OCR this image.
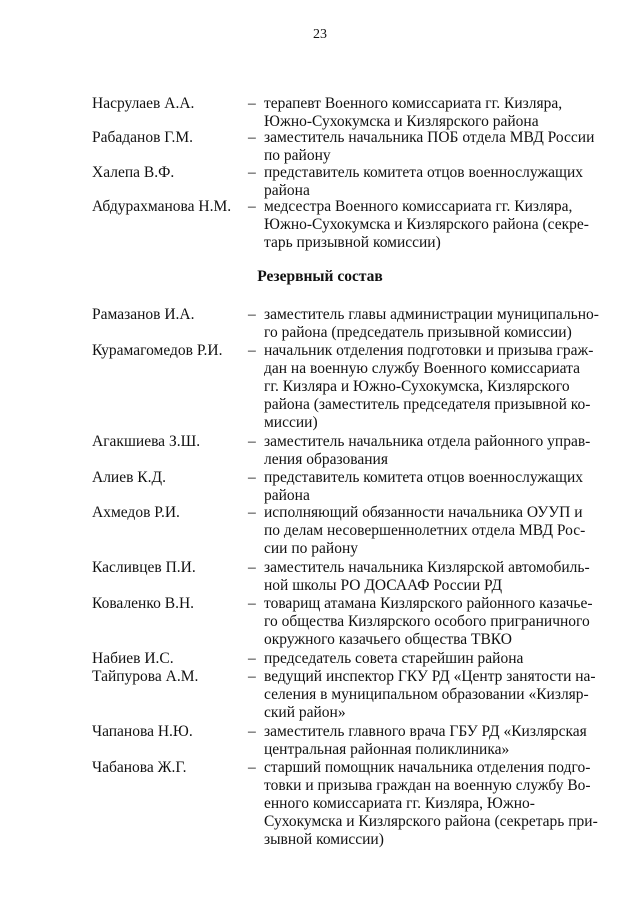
23
Насрулаев А.А.	– терапевт Военного комиссариата гг. Кизляра,
Южно-Сухокумска и Кизлярского района
Рабаданов Г.М.	– заместитель начальника ПОБ отдела МВД России
по району
Халепа В.Ф.	– представитель комитета отцов военнослужащих
района
Абдурахманова Н.М.	– медсестра Военного комиссариата гг. Кизляра,
Южно-Сухокумска и Кизлярского района (секре-
тарь призывной комиссии)
Резервный состав
Рамазанов И.А.	– заместитель главы администрации муниципально-
го района (председатель призывной комиссии)
Курамагомедов Р.И.	– начальник отделения подготовки и призыва граж-
дан на военную службу Военного комиссариата
гг. Кизляра и Южно-Сухокумска, Кизлярского
района (заместитель председателя призывной ко-
миссии)
Агакшиева З.Ш.	– заместитель начальника отдела районного управ-
ления образования
Алиев К.Д.	– представитель комитета отцов военнослужащих
района
Ахмедов Р.И.	– исполняющий обязанности начальника ОУУП и
по делам несовершеннолетних отдела МВД Рос-
сии по району
Касливцев П.И.	– заместитель начальника Кизлярской автомобиль-
ной школы РО ДОСААФ России РД
Коваленко В.Н.	– товарищ атамана Кизлярского районного казачье-
го общества Кизлярского особого приграничного
окружного казачьего общества ТВКО
Набиев И.С.	– председатель совета старейшин района
Тайпурова А.М.	– ведущий инспектор ГКУ РД «Центр занятости на-
селения в муниципальном образовании «Кизляр-
ский район»
Чапанова Н.Ю.	– заместитель главного врача ГБУ РД «Кизлярская
центральная районная поликлиника»
Чабанова Ж.Г.	– старший помощник начальника отделения подго-
товки и призыва граждан на военную службу Во-
енного комиссариата гг. Кизляра, Южно-
Сухокумска и Кизлярского района (секретарь при-
зывной комиссии)
